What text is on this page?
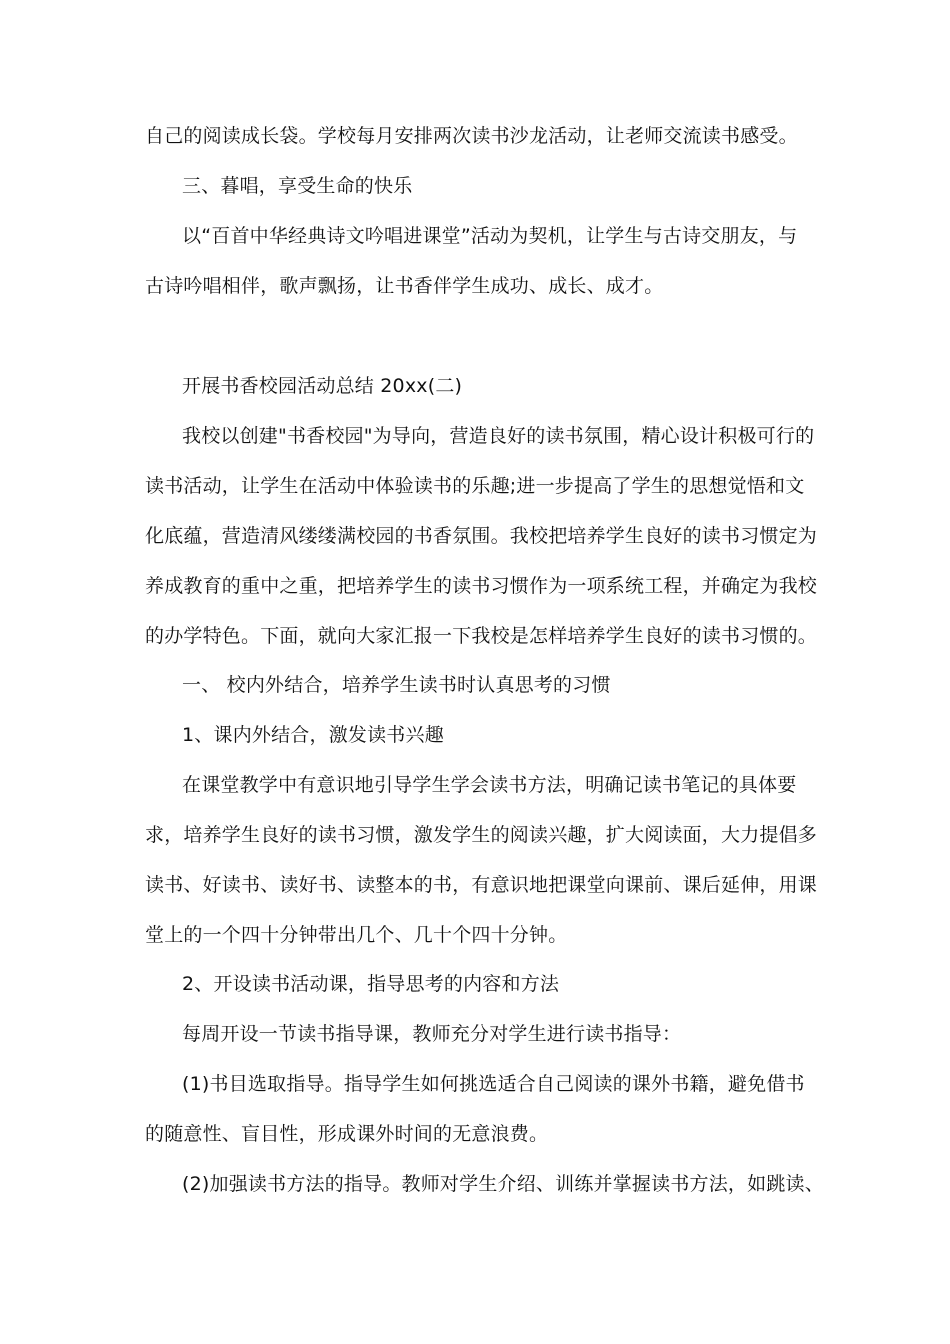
自己的阅读成长袋。学校每月安排两次读书沙龙活动，让老师交流读书感受。
三、暮唱，享受生命的快乐
以“百首中华经典诗文吟唱进课堂”活动为契机，让学生与古诗交朋友，与
古诗吟唱相伴，歌声飘扬，让书香伴学生成功、成长、成才。
开展书香校园活动总结 20xx(二)
我校以创建"书香校园"为导向，营造良好的读书氛围，精心设计积极可行的
读书活动，让学生在活动中体验读书的乐趣;进一步提高了学生的思想觉悟和文
化底蕴，营造清风缕缕满校园的书香氛围。我校把培养学生良好的读书习惯定为
养成教育的重中之重，把培养学生的读书习惯作为一项系统工程，并确定为我校
的办学特色。下面，就向大家汇报一下我校是怎样培养学生良好的读书习惯的。
一、 校内外结合，培养学生读书时认真思考的习惯
1、课内外结合，激发读书兴趣
在课堂教学中有意识地引导学生学会读书方法，明确记读书笔记的具体要
求，培养学生良好的读书习惯，激发学生的阅读兴趣，扩大阅读面，大力提倡多
读书、好读书、读好书、读整本的书，有意识地把课堂向课前、课后延伸，用课
堂上的一个四十分钟带出几个、几十个四十分钟。
2、开设读书活动课，指导思考的内容和方法
每周开设一节读书指导课，教师充分对学生进行读书指导：
(1)书目选取指导。指导学生如何挑选适合自己阅读的课外书籍，避免借书
的随意性、盲目性，形成课外时间的无意浪费。
(2)加强读书方法的指导。教师对学生介绍、训练并掌握读书方法，如跳读、
